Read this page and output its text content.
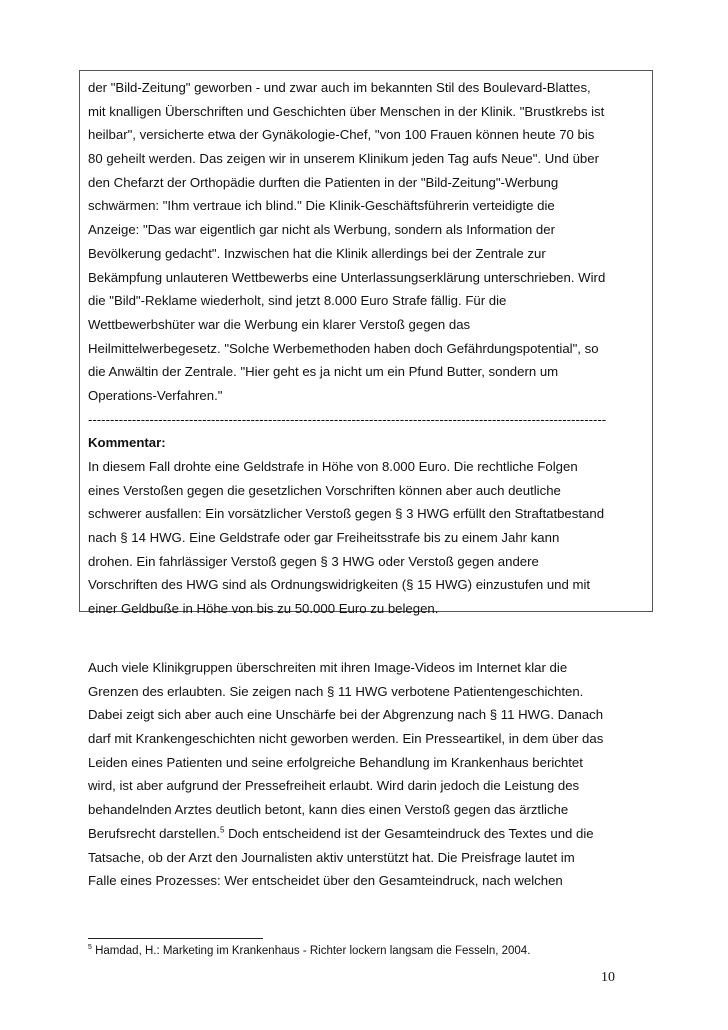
der "Bild-Zeitung" geworben - und zwar auch im bekannten Stil des Boulevard-Blattes,
mit knalligen Überschriften und Geschichten über Menschen in der Klinik. "Brustkrebs ist
heilbar", versicherte etwa der Gynäkologie-Chef, "von 100 Frauen können heute 70 bis
80 geheilt werden. Das zeigen wir in unserem Klinikum jeden Tag aufs Neue". Und über
den Chefarzt der Orthopädie durften die Patienten in der "Bild-Zeitung"-Werbung
schwärmen: "Ihm vertraue ich blind." Die Klinik-Geschäftsführerin verteidigte die
Anzeige: "Das war eigentlich gar nicht als Werbung, sondern als Information der
Bevölkerung gedacht". Inzwischen hat die Klinik allerdings bei der Zentrale zur
Bekämpfung unlauteren Wettbewerbs eine Unterlassungserklärung unterschrieben. Wird
die "Bild"-Reklame wiederholt, sind jetzt 8.000 Euro Strafe fällig. Für die
Wettbewerbshüter war die Werbung ein klarer Verstoß gegen das
Heilmittelwerbegesetz. "Solche Werbemethoden haben doch Gefährdungspotential", so
die Anwältin der Zentrale. "Hier geht es ja nicht um ein Pfund Butter, sondern um
Operations-Verfahren."
----------------------------------------------------------------------------------------------------------------------
Kommentar:
In diesem Fall drohte eine Geldstrafe in Höhe von 8.000 Euro. Die rechtliche Folgen
eines Verstoßen gegen die gesetzlichen Vorschriften können aber auch deutliche
schwerer ausfallen: Ein vorsätzlicher Verstoß gegen § 3 HWG erfüllt den Straftatbestand
nach § 14 HWG. Eine Geldstrafe oder gar Freiheitsstrafe bis zu einem Jahr kann
drohen. Ein fahrlässiger Verstoß gegen § 3 HWG oder Verstoß gegen andere
Vorschriften des HWG sind als Ordnungswidrigkeiten (§ 15 HWG) einzustufen und mit
einer Geldbuße in Höhe von bis zu 50.000 Euro zu belegen.
Auch viele Klinikgruppen überschreiten mit ihren Image-Videos im Internet klar die
Grenzen des erlaubten. Sie zeigen nach § 11 HWG verbotene Patientengeschichten.
Dabei zeigt sich aber auch eine Unschärfe bei der Abgrenzung nach § 11 HWG. Danach
darf mit Krankengeschichten nicht geworben werden. Ein Presseartikel, in dem über das
Leiden eines Patienten und seine erfolgreiche Behandlung im Krankenhaus berichtet
wird, ist aber aufgrund der Pressefreiheit erlaubt. Wird darin jedoch die Leistung des
behandelnden Arztes deutlich betont, kann dies einen Verstoß gegen das ärztliche
Berufsrecht darstellen.$^5$ Doch entscheidend ist der Gesamteindruck des Textes und die
Tatsache, ob der Arzt den Journalisten aktiv unterstützt hat. Die Preisfrage lautet im
Falle eines Prozesses: Wer entscheidet über den Gesamteindruck, nach welchen
$^5$ Hamdad, H.: Marketing im Krankenhaus - Richter lockern langsam die Fesseln, 2004.
10
